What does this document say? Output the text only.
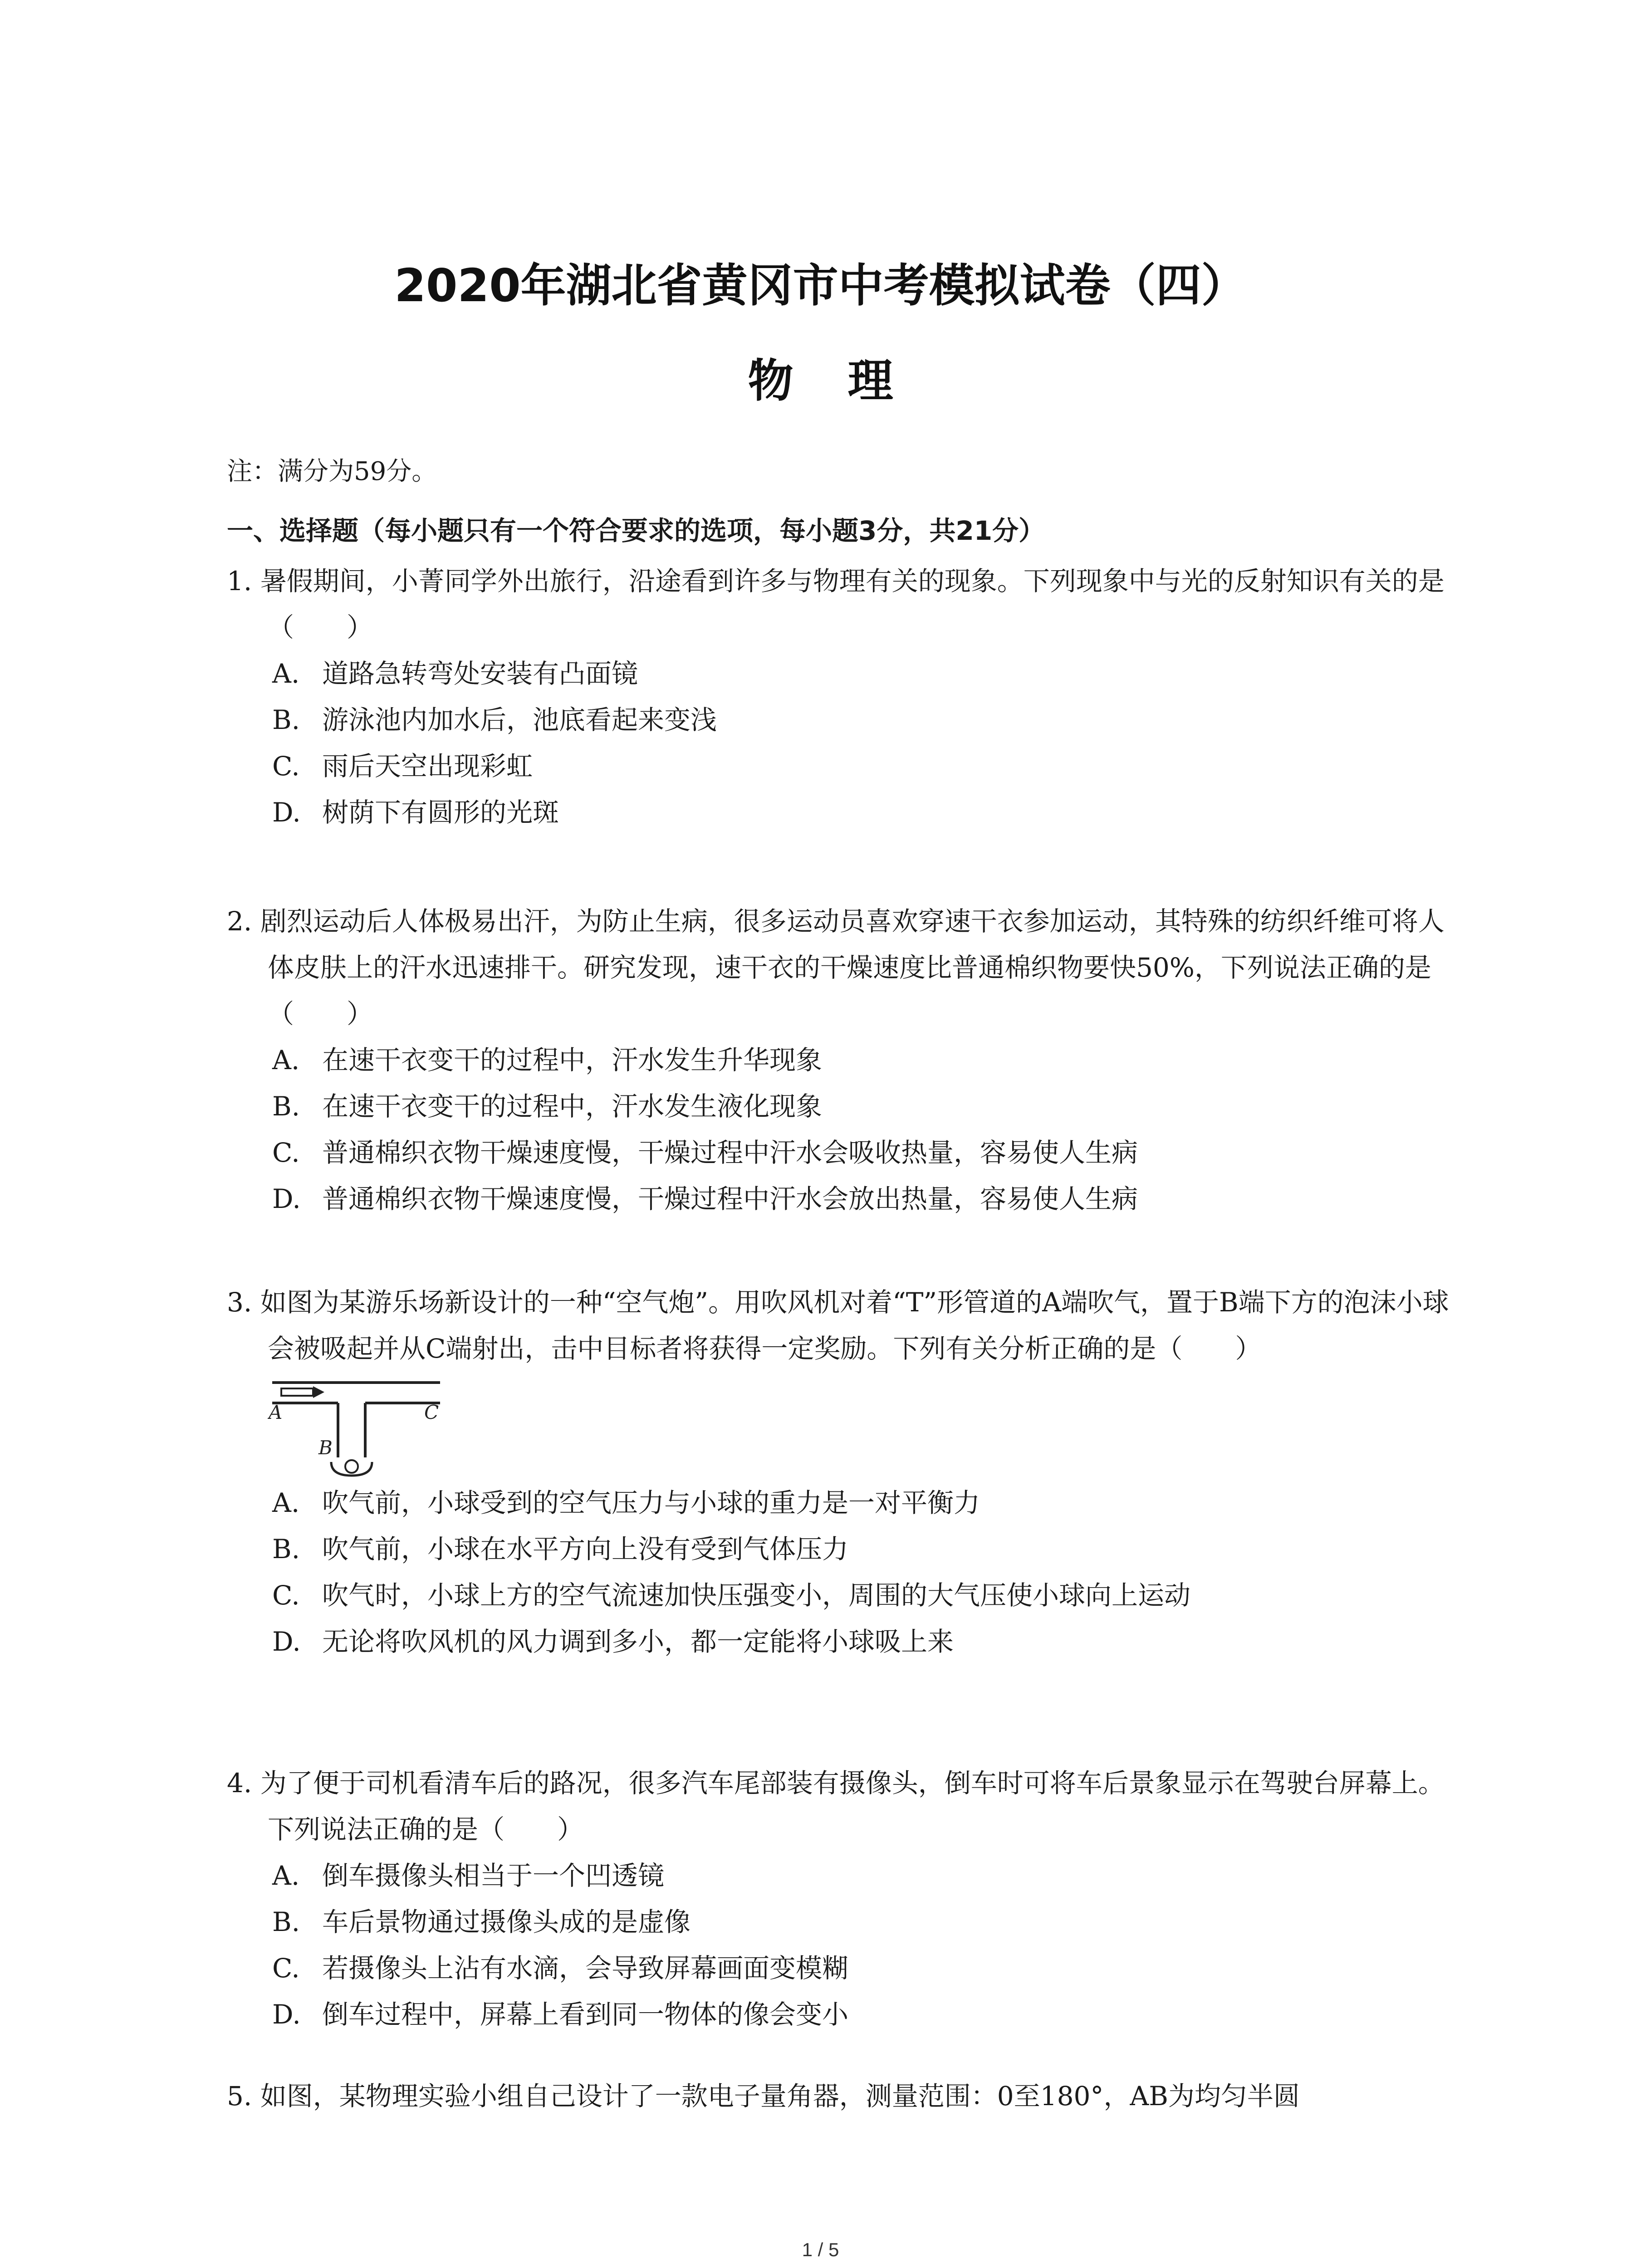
2020年湖北省黄冈市中考模拟试卷（四）
物理
注：满分为59分。
一、选择题（每小题只有一个符合要求的选项，每小题3分，共21分）

1. 暑假期间，小菁同学外出旅行，沿途看到许多与物理有关的现象。下列现象中与光的反射知识有关的是（　　）

A. 道路急转弯处安装有凸面镜
B. 游泳池内加水后，池底看起来变浅
C. 雨后天空出现彩虹
D. 树荫下有圆形的光斑

2. 剧烈运动后人体极易出汗，为防止生病，很多运动员喜欢穿速干衣参加运动，其特殊的纺织纤维可将人体皮肤上的汗水迅速排干。研究发现，速干衣的干燥速度比普通棉织物要快50%，下列说法正确的是（　　）

A. 在速干衣变干的过程中，汗水发生升华现象
B. 在速干衣变干的过程中，汗水发生液化现象
C. 普通棉织衣物干燥速度慢，干燥过程中汗水会吸收热量，容易使人生病
D. 普通棉织衣物干燥速度慢，干燥过程中汗水会放出热量，容易使人生病

3. 如图为某游乐场新设计的一种“空气炮”。用吹风机对着“T”形管道的A端吹气，置于B端下方的泡沫小球会被吸起并从C端射出，击中目标者将获得一定奖励。下列有关分析正确的是（　　）

A	C
B
A. 吹气前，小球受到的空气压力与小球的重力是一对平衡力
B. 吹气前，小球在水平方向上没有受到气体压力
C. 吹气时，小球上方的空气流速加快压强变小，周围的大气压使小球向上运动
D. 无论将吹风机的风力调到多小，都一定能将小球吸上来

4. 为了便于司机看清车后的路况，很多汽车尾部装有摄像头，倒车时可将车后景象显示在驾驶台屏幕上。下列说法正确的是（　　）

A. 倒车摄像头相当于一个凹透镜
B. 车后景物通过摄像头成的是虚像
C. 若摄像头上沾有水滴，会导致屏幕画面变模糊
D. 倒车过程中，屏幕上看到同一物体的像会变小

5. 如图，某物理实验小组自己设计了一款电子量角器，测量范围：0至180°，AB为均匀半圆

1 / 5
